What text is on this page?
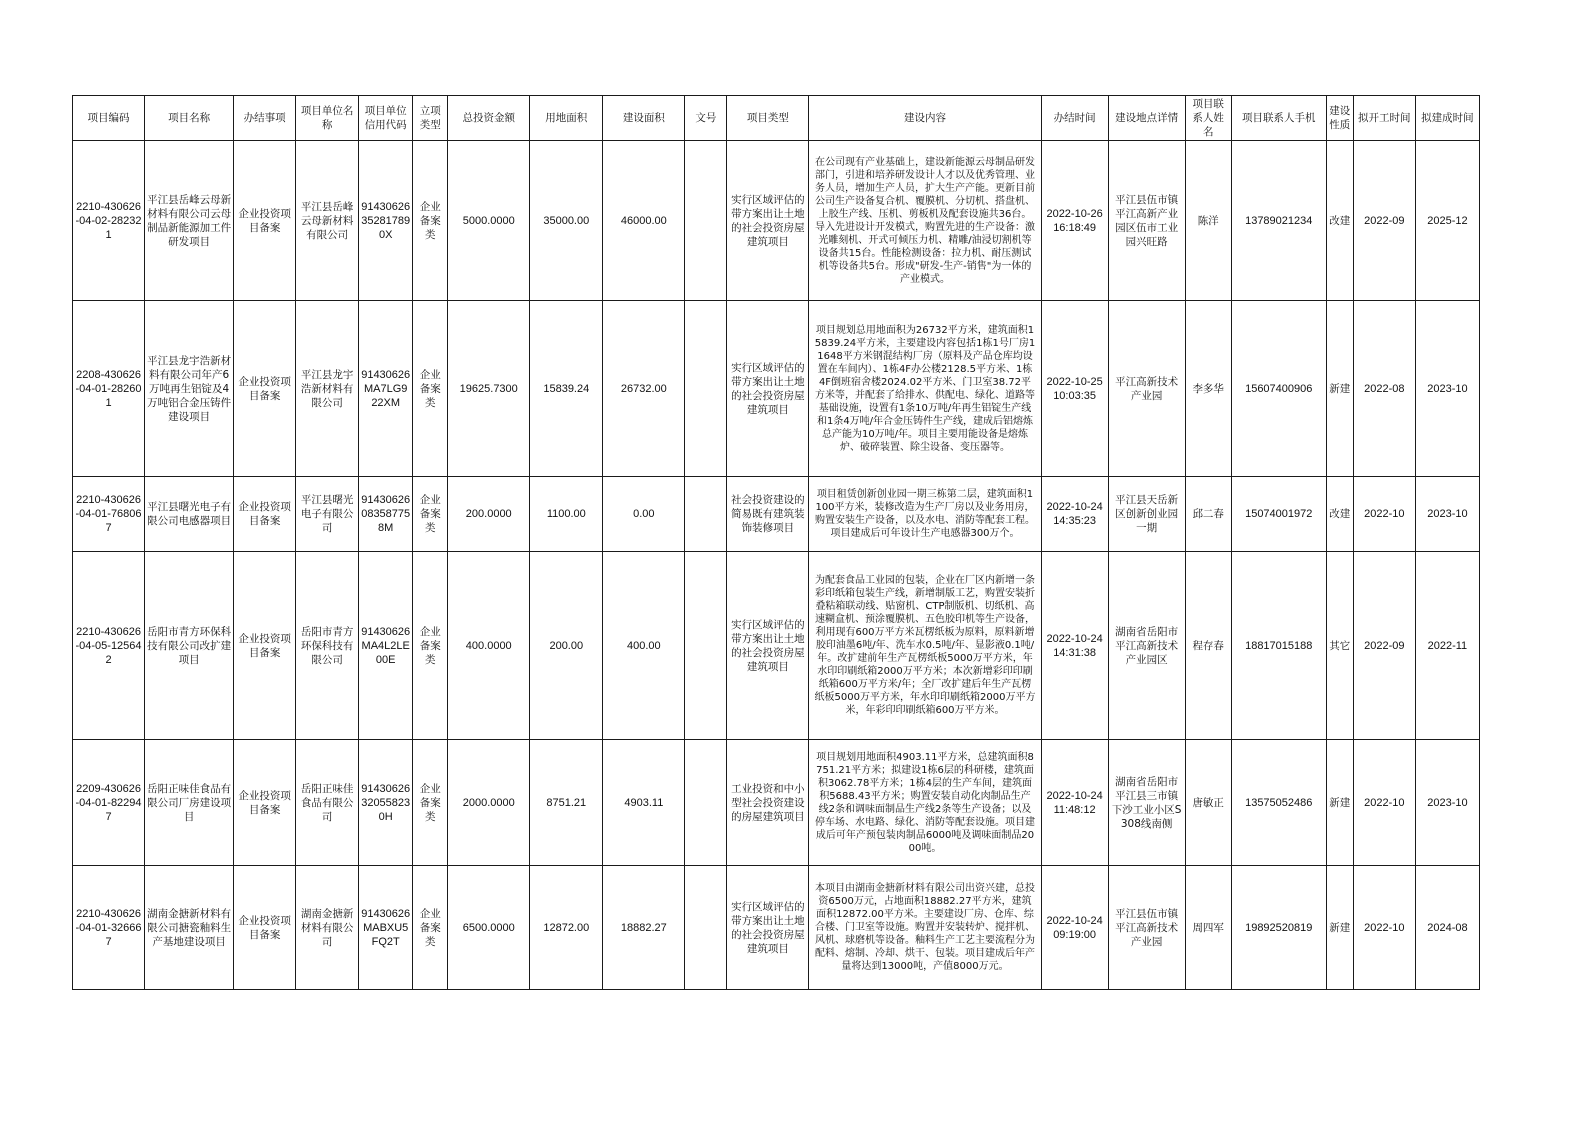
项目编码	项目名称	办结事项	项目单位名称	项目单位信用代码	立项类型	总投资金额	用地面积	建设面积	文号	项目类型	建设内容	办结时间	建设地点详情	项目联系人姓名	项目联系人手机	建设性质	拟开工时间	拟建成时间
2210-430626-04-02-282321	平江县岳峰云母新材料有限公司云母制品新能源加工件研发项目	企业投资项目备案	平江县岳峰云母新材料有限公司	91430626352817890X	企业备案类	5000.0000	35000.00	46000.00		实行区域评估的带方案出让土地的社会投资房屋建筑项目	在公司现有产业基础上，建设新能源云母制品研发部门，引进和培养研发设计人才以及优秀管理、业务人员，增加生产人员，扩大生产产能。更新目前公司生产设备复合机、覆膜机、分切机、搭盘机、上胶生产线、压机、剪板机及配套设施共36台。导入先进设计开发模式，购置先进的生产设备：激光雕刻机、开式可倾压力机、精雕/油浸切割机等设备共15台。性能检测设备：拉力机、耐压测试机等设备共5台。形成"研发-生产-销售"为一体的产业模式。	2022-10-26 16:18:49	平江县伍市镇平江高新产业园区伍市工业园兴旺路	陈洋	13789021234	改建	2022-09	2025-12
2208-430626-04-01-282601	平江县龙宇浩新材料有限公司年产6万吨再生铝锭及4万吨铝合金压铸件建设项目	企业投资项目备案	平江县龙宇浩新材料有限公司	91430626MA7LG922XM	企业备案类	19625.7300	15839.24	26732.00		实行区域评估的带方案出让土地的社会投资房屋建筑项目	项目规划总用地面积为26732平方米，建筑面积15839.24平方米，主要建设内容包括1栋1号厂房11648平方米钢混结构厂房（原料及产品仓库均设置在车间内）、1栋4F办公楼2128.5平方米、1栋4F倒班宿舍楼2024.02平方米、门卫室38.72平方米等，并配套了给排水、供配电、绿化、道路等基础设施，设置有1条10万吨/年再生铝锭生产线和1条4万吨/年合金压铸件生产线，建成后铝熔炼总产能为10万吨/年。项目主要用能设备是熔炼炉、破碎装置、除尘设备、变压器等。	2022-10-25 10:03:35	平江高新技术产业园	李多华	15607400906	新建	2022-08	2023-10
2210-430626-04-01-768067	平江县曙光电子有限公司电感器项目	企业投资项目备案	平江县曙光电子有限公司	91430626083587758M	企业备案类	200.0000	1100.00	0.00		社会投资建设的简易既有建筑装饰装修项目	项目租赁创新创业园一期三栋第二层，建筑面积1100平方米，装修改造为生产厂房以及业务用房，购置安装生产设备，以及水电、消防等配套工程。项目建成后可年设计生产电感器300万个。	2022-10-24 14:35:23	平江县天岳新区创新创业园一期	邱二春	15074001972	改建	2022-10	2023-10
2210-430626-04-05-125642	岳阳市青方环保科技有限公司改扩建项目	企业投资项目备案	岳阳市青方环保科技有限公司	91430626MA4L2LE00E	企业备案类	400.0000	200.00	400.00		实行区域评估的带方案出让土地的社会投资房屋建筑项目	为配套食品工业园的包装，企业在厂区内新增一条彩印纸箱包装生产线，新增制版工艺，购置安装折叠粘箱联动线、贴窗机、CTP制版机、切纸机、高速糊盒机、预涂覆膜机、五色胶印机等生产设备，利用现有600万平方米瓦楞纸板为原料，原料新增胶印油墨6吨/年、洗车水0.5吨/年、显影液0.1吨/年。改扩建前年生产瓦楞纸板5000万平方米，年水印印刷纸箱2000万平方米；本次新增彩印印刷纸箱600万平方米/年；全厂改扩建后年生产瓦楞纸板5000万平方米，年水印印刷纸箱2000万平方米，年彩印印刷纸箱600万平方米。	2022-10-24 14:31:38	湖南省岳阳市平江高新技术产业园区	程存春	18817015188	其它	2022-09	2022-11
2209-430626-04-01-822947	岳阳正味佳食品有限公司厂房建设项目	企业投资项目备案	岳阳正味佳食品有限公司	91430626320558230H	企业备案类	2000.0000	8751.21	4903.11		工业投资和中小型社会投资建设的房屋建筑项目	项目规划用地面积4903.11平方米，总建筑面积8751.21平方米；拟建设1栋6层的科研楼，建筑面积3062.78平方米；1栋4层的生产车间，建筑面积5688.43平方米；购置安装自动化肉制品生产线2条和调味面制品生产线2条等生产设备；以及停车场、水电路、绿化、消防等配套设施。项目建成后可年产预包装肉制品6000吨及调味面制品2000吨。	2022-10-24 11:48:12	湖南省岳阳市平江县三市镇下沙工业小区S308线南侧	唐敏正	13575052486	新建	2022-10	2023-10
2210-430626-04-01-326667	湖南金搪新材料有限公司搪瓷釉料生产基地建设项目	企业投资项目备案	湖南金搪新材料有限公司	91430626MABXU5FQ2T	企业备案类	6500.0000	12872.00	18882.27		实行区域评估的带方案出让土地的社会投资房屋建筑项目	本项目由湖南金搪新材料有限公司出资兴建，总投资6500万元，占地面积18882.27平方米，建筑面积12872.00平方米。主要建设厂房、仓库、综合楼、门卫室等设施。购置并安装转炉、搅拌机、风机、球磨机等设备。釉料生产工艺主要流程分为配料、熔制、冷却、烘干、包装。项目建成后年产量将达到13000吨，产值8000万元。	2022-10-24 09:19:00	平江县伍市镇平江高新技术产业园	周四军	19892520819	新建	2022-10	2024-08
